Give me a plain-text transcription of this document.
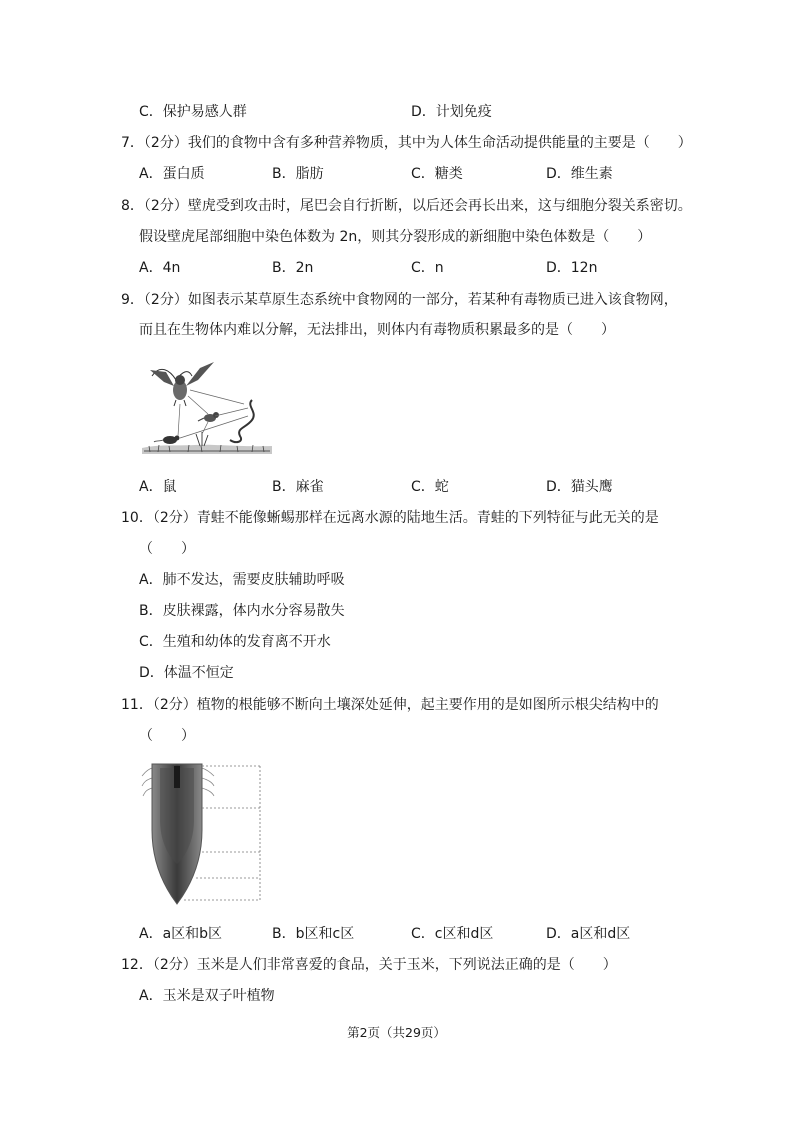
C．保护易感人群	D．计划免疫
7．（2分）我们的食物中含有多种营养物质，其中为人体生命活动提供能量的主要是（　　）
A．蛋白质	B．脂肪	C．糖类	D．维生素
8．（2分）壁虎受到攻击时，尾巴会自行折断，以后还会再长出来，这与细胞分裂关系密切。
假设壁虎尾部细胞中染色体数为 2n，则其分裂形成的新细胞中染色体数是（　　）
A．4n	B．2n	C．n	D．12n
9．（2分）如图表示某草原生态系统中食物网的一部分，若某种有毒物质已进入该食物网，
而且在生物体内难以分解，无法排出，则体内有毒物质积累最多的是（　　）
A．鼠	B．麻雀	C．蛇	D．猫头鹰
10．（2分）青蛙不能像蜥蜴那样在远离水源的陆地生活。青蛙的下列特征与此无关的是
（　　）
A．肺不发达，需要皮肤辅助呼吸
B．皮肤裸露，体内水分容易散失
C．生殖和幼体的发育离不开水
D．体温不恒定
11．（2分）植物的根能够不断向土壤深处延伸，起主要作用的是如图所示根尖结构中的
（　　）
A．a区和b区	B．b区和c区	C．c区和d区	D．a区和d区
12．（2分）玉米是人们非常喜爱的食品，关于玉米，下列说法正确的是（　　）
A．玉米是双子叶植物
第2页（共29页）
